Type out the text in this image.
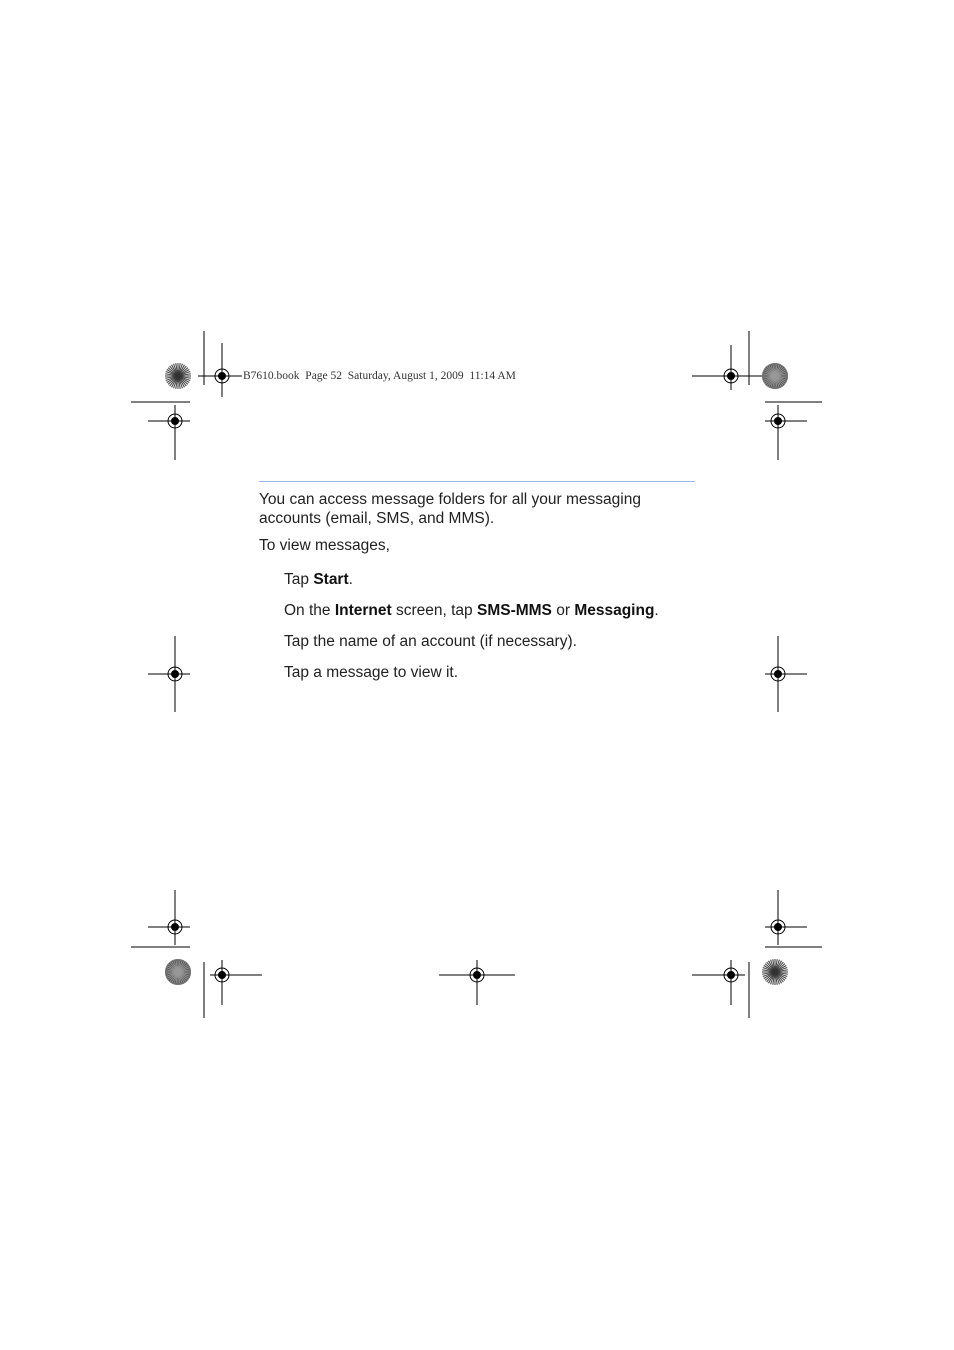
B7610.book  Page 52  Saturday, August 1, 2009  11:14 AM
You can access message folders for all your messaging
accounts (email, SMS, and MMS).
To view messages,
Tap Start.
On the Internet screen, tap SMS-MMS or Messaging.
Tap the name of an account (if necessary).
Tap a message to view it.
